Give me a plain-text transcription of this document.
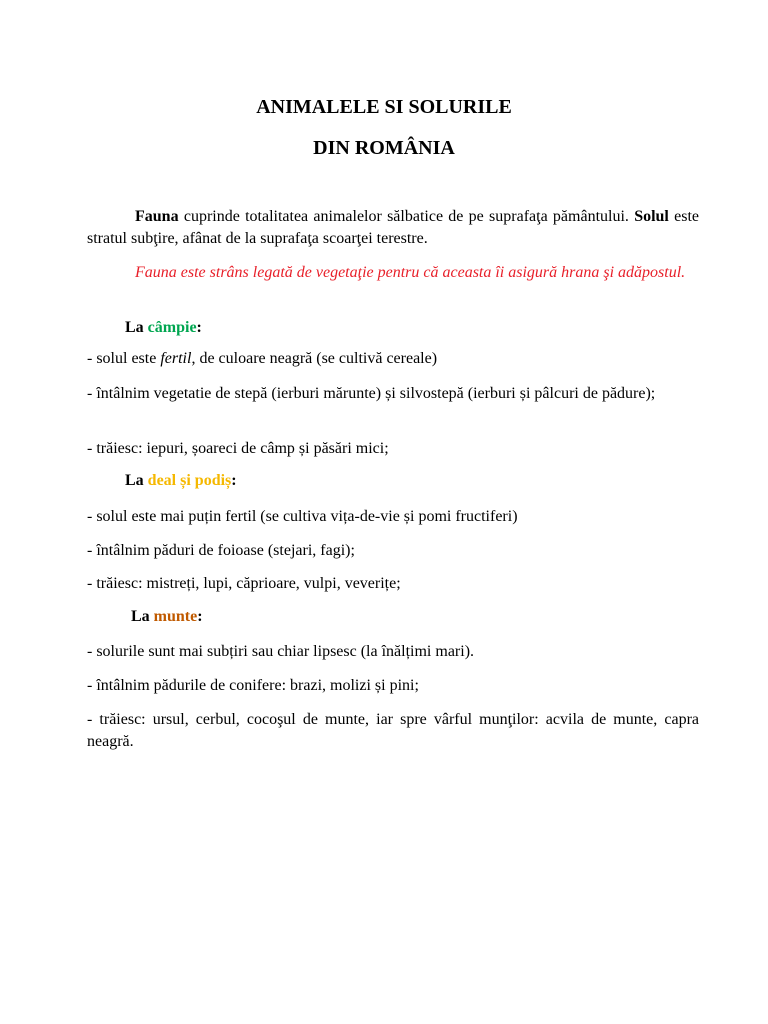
ANIMALELE SI SOLURILE
DIN ROMÂNIA
Fauna cuprinde totalitatea animalelor sălbatice de pe suprafaţa pământului. Solul este stratul subţire, afânat de la suprafaţa scoarţei terestre.
Fauna este strâns legată de vegetaţie pentru că aceasta îi asigură hrana şi adăpostul.
La câmpie:
- solul este fertil, de culoare neagră (se cultivă cereale)
- întâlnim vegetatie de stepă (ierburi mărunte) și silvostepă (ierburi și pâlcuri de pădure);
- trăiesc: iepuri, șoareci de câmp și păsări mici;
La deal și podiș:
- solul este mai puțin fertil (se cultiva vița-de-vie și pomi fructiferi)
- întâlnim păduri de foioase (stejari, fagi);
- trăiesc: mistreți, lupi, căprioare, vulpi, veverițe;
La munte:
- solurile sunt mai subțiri sau chiar lipsesc (la înălțimi mari).
- întâlnim pădurile de conifere: brazi, molizi și pini;
- trăiesc: ursul, cerbul, cocoşul de munte, iar spre vârful munţilor: acvila de munte, capra neagră.
